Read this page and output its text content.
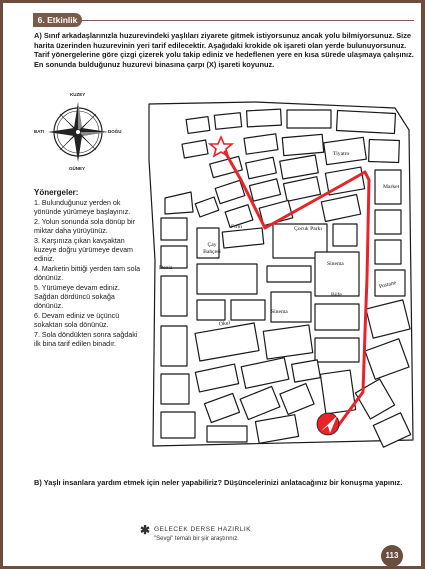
6. Etkinlik

A) Sınıf arkadaşlarınızla huzurevindeki yaşlıları ziyarete gitmek istiyorsunuz ancak yolu bilmiyorsunuz. Size harita üzerinden huzurevinin yeri tarif edilecektir. Aşağıdaki krokide ok işareti olan yerde bulunuyorsunuz. Tarif yönergelerine göre çizgi çizerek yolu takip ediniz ve hedeflenen yere en kısa sürede ulaşmaya çalışınız. En sonunda bulduğunuz huzurevi binasına çarpı (X) işareti koyunuz.

KUZEY
GÜNEY
BATI	DOĞU

Yönergeler:

1. Bulunduğunuz yerden ok yönünde yürümeye başlayınız.
2. Yolun sonunda sola dönüp bir miktar daha yürüyünüz.
3. Karşınıza çıkan kavşaktan kuzeye doğru yürümeye devam ediniz.
4. Marketin bittiği yerden tam sola dönünüz.
5. Yürümeye devam ediniz. Sağdan dördüncü sokağa dönünüz.
6. Devam ediniz ve üçüncü sokaktan sola dönünüz.
7. Sola döndükten sonra sağdaki ilk bina tarif edilen binadır.
Tiyatro
Market
Fırın	Çocuk Parkı
Çay Bahçesi
Deniz
Sinema
Postane
Büfe
Okul
Sinema

B) Yaşlı insanlara yardım etmek için neler yapabiliriz? Düşüncelerinizi anlatacağınız bir konuşma yapınız.

✱ GELECEK DERSE HAZIRLIK
"Sevgi" temalı bir şiir araştırınız.
113
